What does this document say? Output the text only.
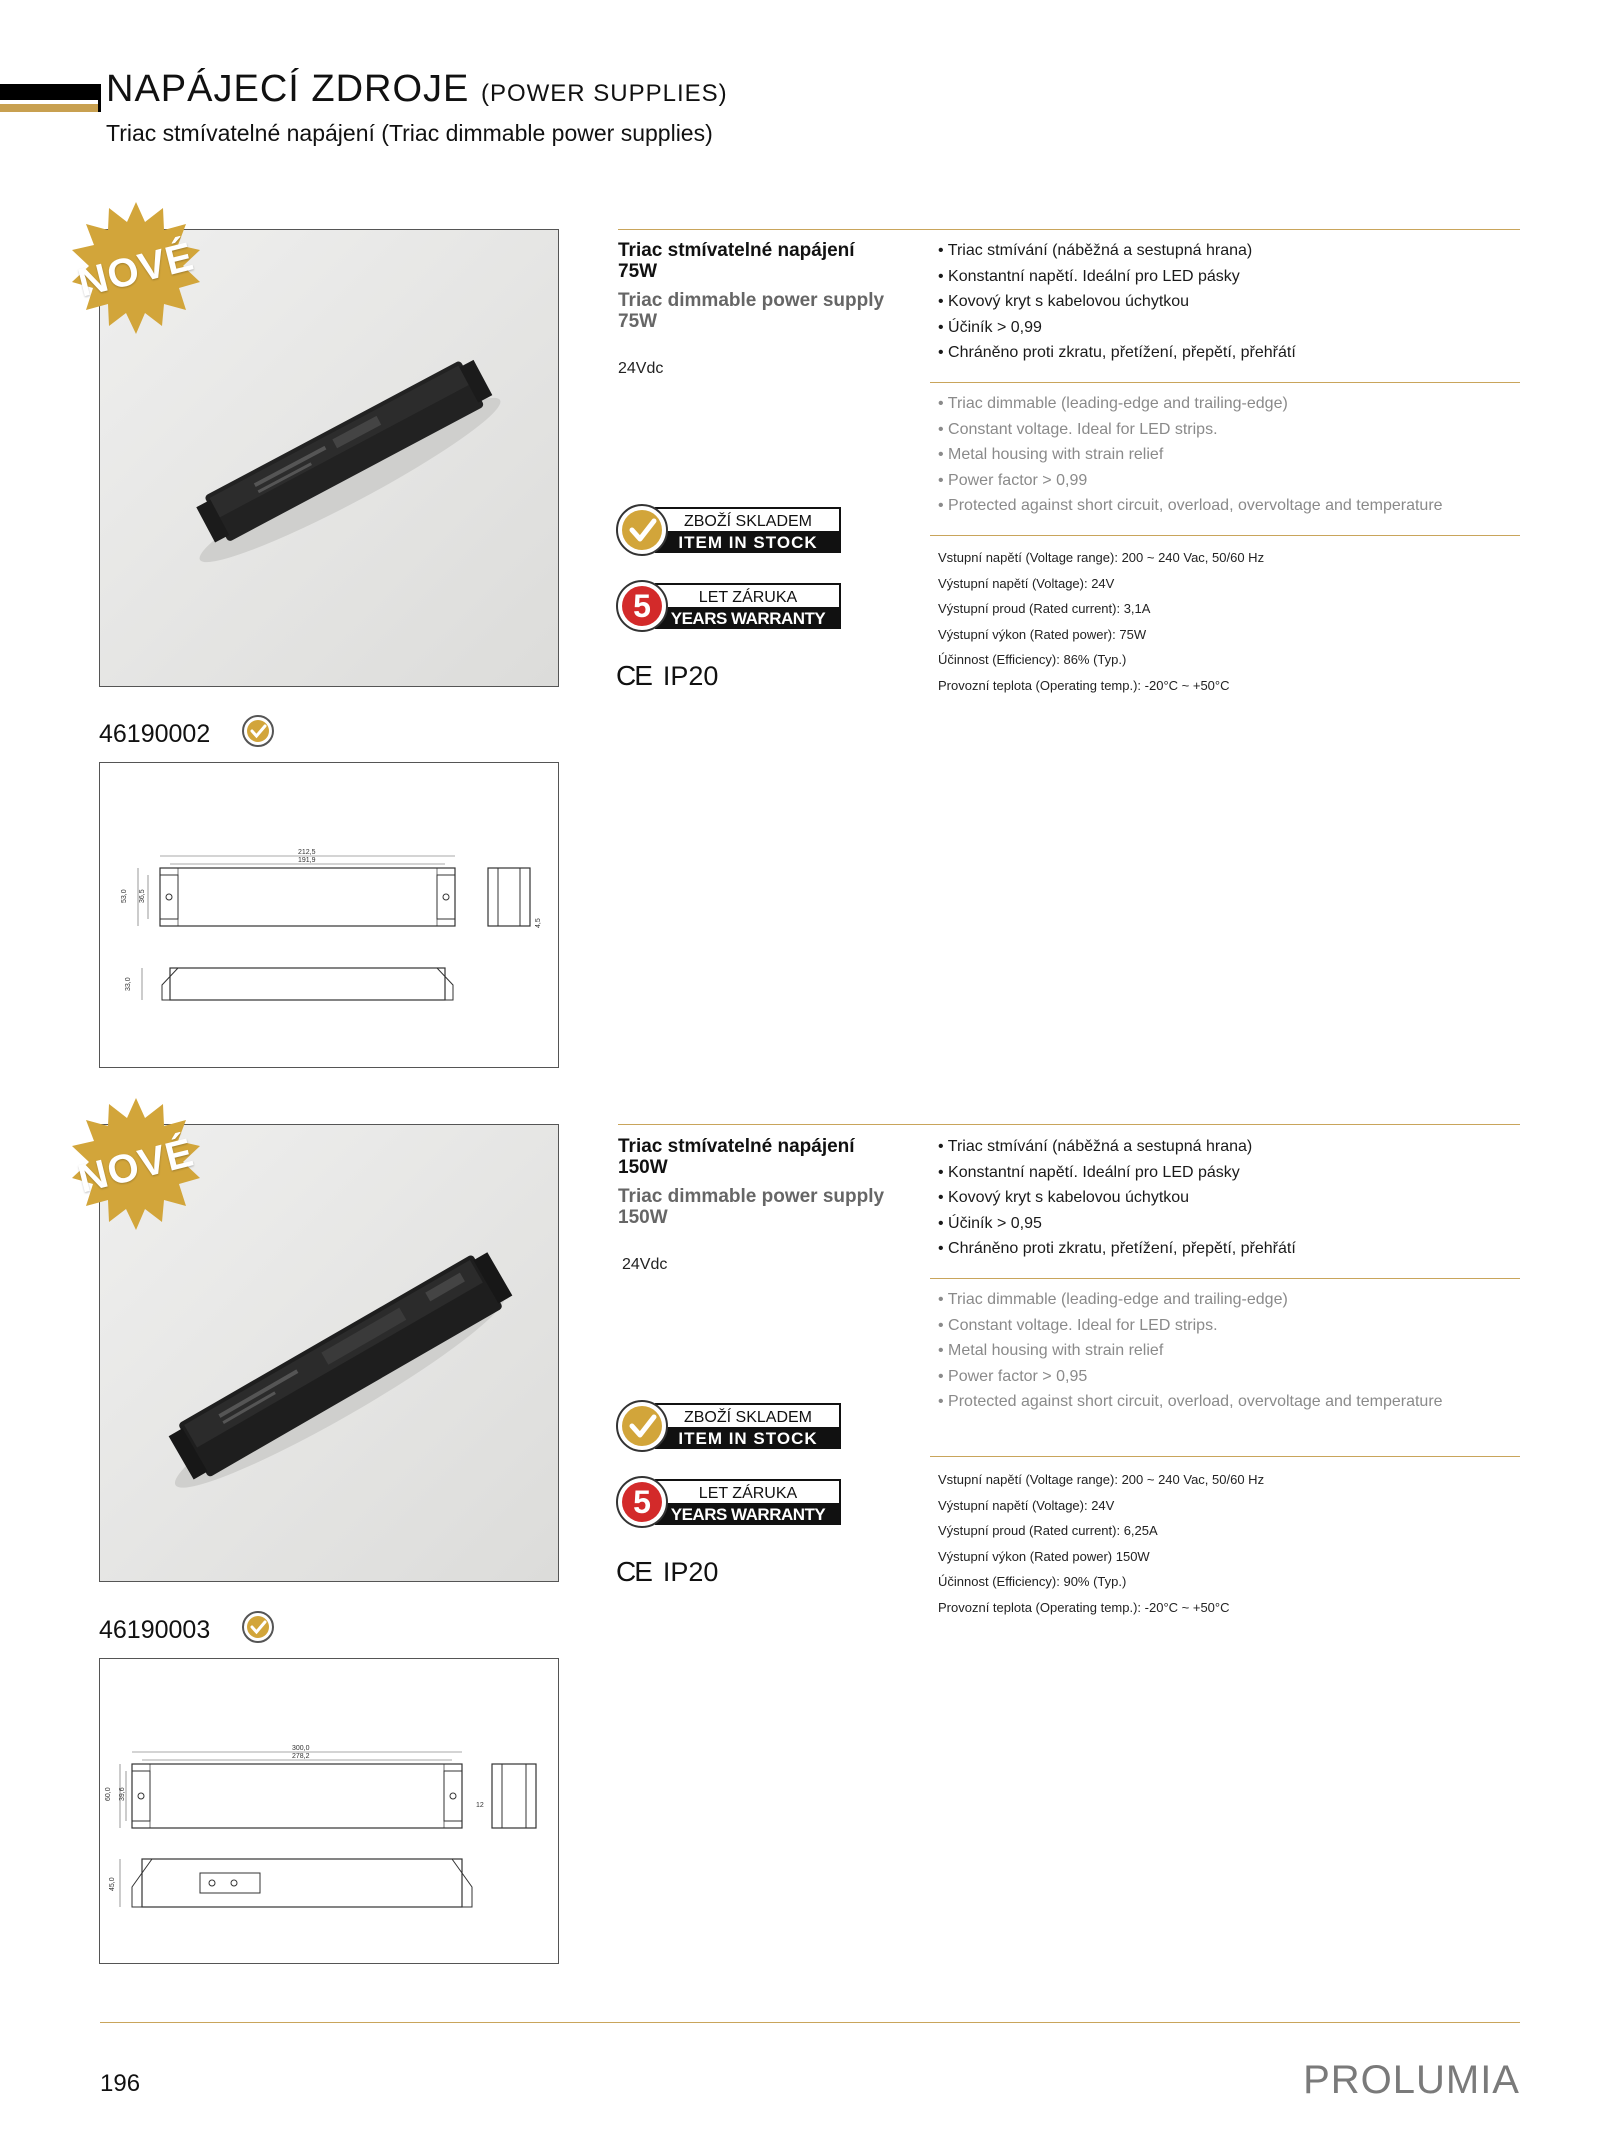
NAPÁJECÍ ZDROJE (POWER SUPPLIES)
Triac stmívatelné napájení (Triac dimmable power supplies)
NOVÉ
46190002
212,5
191,9
53,0 36,5
4,5
33,0
Triac stmívatelné napájení
75W
Triac dimmable power supply
75W
24Vdc
• Triac stmívání (náběžná a sestupná hrana)
• Konstantní napětí. Ideální pro LED pásky
• Kovový kryt s kabelovou úchytkou
• Účiník > 0,99
• Chráněno proti zkratu, přetížení, přepětí, přehřátí
• Triac dimmable (leading-edge and trailing-edge)
• Constant voltage. Ideal for LED strips.
• Metal housing with strain relief
• Power factor > 0,99
• Protected against short circuit, overload, overvoltage and temperature
Vstupní napětí (Voltage range): 200 ~ 240 Vac, 50/60 Hz
Výstupní napětí (Voltage): 24V
Výstupní proud (Rated current): 3,1A
Výstupní výkon (Rated power): 75W
Účinnost (Efficiency): 86% (Typ.)
Provozní teplota (Operating temp.): -20°C ~ +50°C
ZBOŽÍ SKLADEM
ITEM IN STOCK
LET ZÁRUKA
YEARS WARRANTY
5
CE IP20
NOVÉ
46190003
300,0
278,2
60,0 39,6
12
45,0
Triac stmívatelné napájení
150W
Triac dimmable power supply
150W
24Vdc
• Triac stmívání (náběžná a sestupná hrana)
• Konstantní napětí. Ideální pro LED pásky
• Kovový kryt s kabelovou úchytkou
• Účiník > 0,95
• Chráněno proti zkratu, přetížení, přepětí, přehřátí
• Triac dimmable (leading-edge and trailing-edge)
• Constant voltage. Ideal for LED strips.
• Metal housing with strain relief
• Power factor > 0,95
• Protected against short circuit, overload, overvoltage and temperature
Vstupní napětí (Voltage range): 200 ~ 240 Vac, 50/60 Hz
Výstupní napětí (Voltage): 24V
Výstupní proud (Rated current): 6,25A
Výstupní výkon (Rated power) 150W
Účinnost (Efficiency): 90% (Typ.)
Provozní teplota (Operating temp.): -20°C ~ +50°C
ZBOŽÍ SKLADEM
ITEM IN STOCK
LET ZÁRUKA
YEARS WARRANTY
5
CE IP20
196	PROLUMIA
